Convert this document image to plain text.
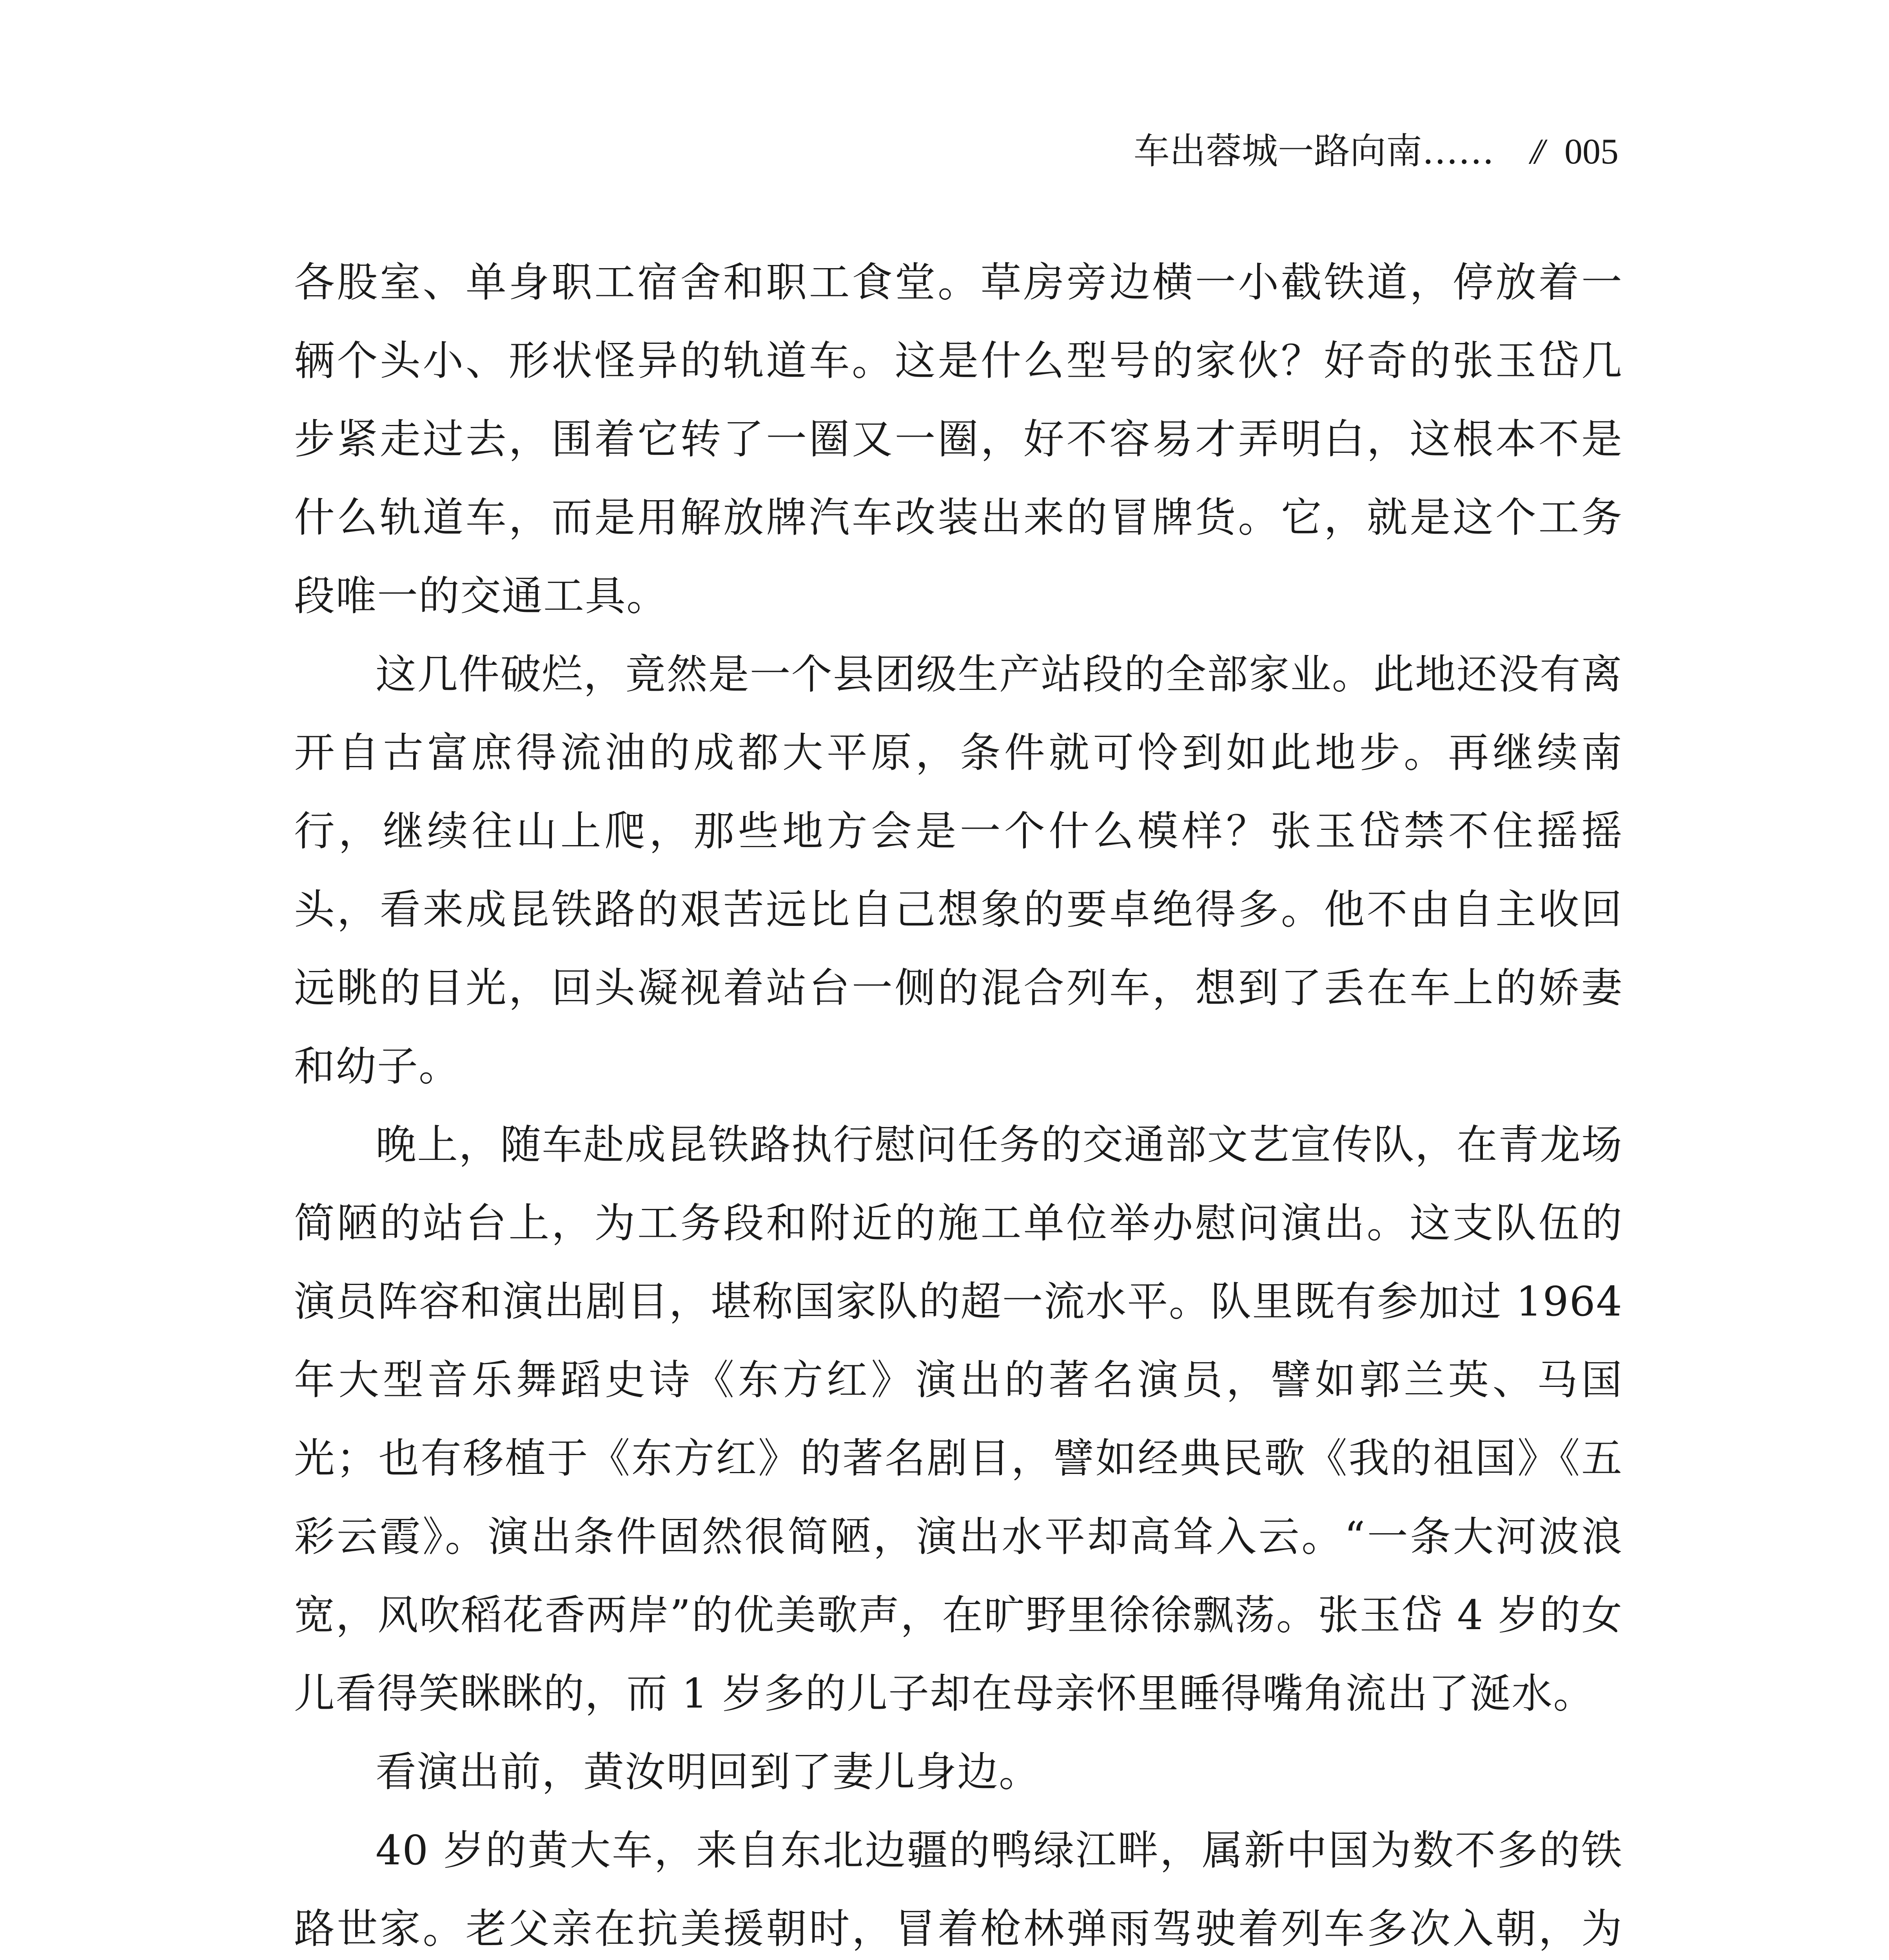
车出蓉城一路向南…… // 005

各股室、单身职工宿舍和职工食堂。草房旁边横一小截铁道，停放着一辆个头小、形状怪异的轨道车。这是什么型号的家伙？好奇的张玉岱几步紧走过去，围着它转了一圈又一圈，好不容易才弄明白，这根本不是什么轨道车，而是用解放牌汽车改装出来的冒牌货。它，就是这个工务段唯一的交通工具。

这几件破烂，竟然是一个县团级生产站段的全部家业。此地还没有离开自古富庶得流油的成都大平原，条件就可怜到如此地步。再继续南行，继续往山上爬，那些地方会是一个什么模样？张玉岱禁不住摇摇头，看来成昆铁路的艰苦远比自己想象的要卓绝得多。他不由自主收回远眺的目光，回头凝视着站台一侧的混合列车，想到了丢在车上的娇妻和幼子。

晚上，随车赴成昆铁路执行慰问任务的交通部文艺宣传队，在青龙场简陋的站台上，为工务段和附近的施工单位举办慰问演出。这支队伍的演员阵容和演出剧目，堪称国家队的超一流水平。队里既有参加过 1964 年大型音乐舞蹈史诗《东方红》演出的著名演员，譬如郭兰英、马国光；也有移植于《东方红》的著名剧目，譬如经典民歌《我的祖国》《五彩云霞》。演出条件固然很简陋，演出水平却高耸入云。“一条大河波浪宽，风吹稻花香两岸”的优美歌声，在旷野里徐徐飘荡。张玉岱 4 岁的女儿看得笑眯眯的，而 1 岁多的儿子却在母亲怀里睡得嘴角流出了涎水。

看演出前，黄汝明回到了妻儿身边。

40 岁的黄大车，来自东北边疆的鸭绿江畔，属新中国为数不多的铁路世家。老父亲在抗美援朝时，冒着枪林弹雨驾驶着列车多次入朝，为
